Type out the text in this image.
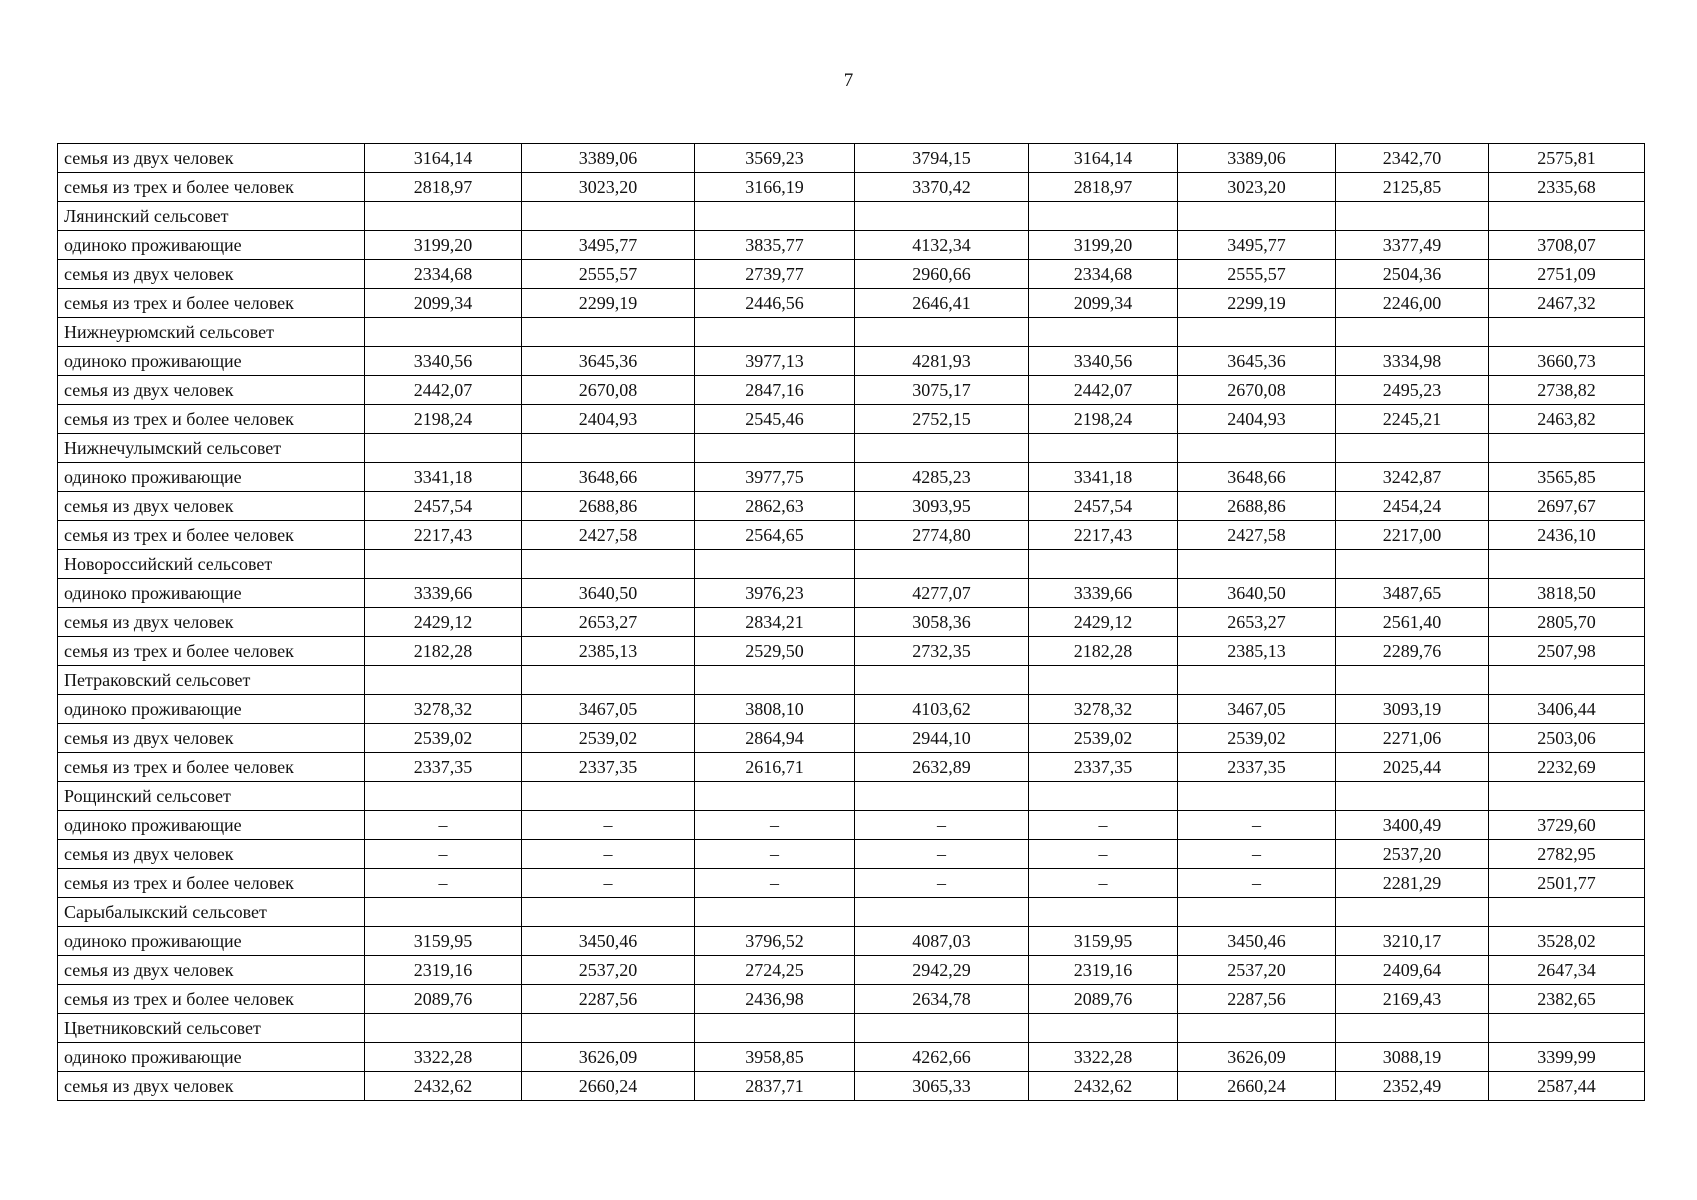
7
семья из двух человек	3164,14	3389,06	3569,23	3794,15	3164,14	3389,06	2342,70	2575,81
семья из трех и более человек	2818,97	3023,20	3166,19	3370,42	2818,97	3023,20	2125,85	2335,68
Лянинский сельсовет								
одиноко проживающие	3199,20	3495,77	3835,77	4132,34	3199,20	3495,77	3377,49	3708,07
семья из двух человек	2334,68	2555,57	2739,77	2960,66	2334,68	2555,57	2504,36	2751,09
семья из трех и более человек	2099,34	2299,19	2446,56	2646,41	2099,34	2299,19	2246,00	2467,32
Нижнеурюмский сельсовет								
одиноко проживающие	3340,56	3645,36	3977,13	4281,93	3340,56	3645,36	3334,98	3660,73
семья из двух человек	2442,07	2670,08	2847,16	3075,17	2442,07	2670,08	2495,23	2738,82
семья из трех и более человек	2198,24	2404,93	2545,46	2752,15	2198,24	2404,93	2245,21	2463,82
Нижнечулымский сельсовет								
одиноко проживающие	3341,18	3648,66	3977,75	4285,23	3341,18	3648,66	3242,87	3565,85
семья из двух человек	2457,54	2688,86	2862,63	3093,95	2457,54	2688,86	2454,24	2697,67
семья из трех и более человек	2217,43	2427,58	2564,65	2774,80	2217,43	2427,58	2217,00	2436,10
Новороссийский сельсовет								
одиноко проживающие	3339,66	3640,50	3976,23	4277,07	3339,66	3640,50	3487,65	3818,50
семья из двух человек	2429,12	2653,27	2834,21	3058,36	2429,12	2653,27	2561,40	2805,70
семья из трех и более человек	2182,28	2385,13	2529,50	2732,35	2182,28	2385,13	2289,76	2507,98
Петраковский сельсовет								
одиноко проживающие	3278,32	3467,05	3808,10	4103,62	3278,32	3467,05	3093,19	3406,44
семья из двух человек	2539,02	2539,02	2864,94	2944,10	2539,02	2539,02	2271,06	2503,06
семья из трех и более человек	2337,35	2337,35	2616,71	2632,89	2337,35	2337,35	2025,44	2232,69
Рощинский сельсовет								
одиноко проживающие	–	–	–	–	–	–	3400,49	3729,60
семья из двух человек	–	–	–	–	–	–	2537,20	2782,95
семья из трех и более человек	–	–	–	–	–	–	2281,29	2501,77
Сарыбалыкский сельсовет								
одиноко проживающие	3159,95	3450,46	3796,52	4087,03	3159,95	3450,46	3210,17	3528,02
семья из двух человек	2319,16	2537,20	2724,25	2942,29	2319,16	2537,20	2409,64	2647,34
семья из трех и более человек	2089,76	2287,56	2436,98	2634,78	2089,76	2287,56	2169,43	2382,65
Цветниковский сельсовет								
одиноко проживающие	3322,28	3626,09	3958,85	4262,66	3322,28	3626,09	3088,19	3399,99
семья из двух человек	2432,62	2660,24	2837,71	3065,33	2432,62	2660,24	2352,49	2587,44
